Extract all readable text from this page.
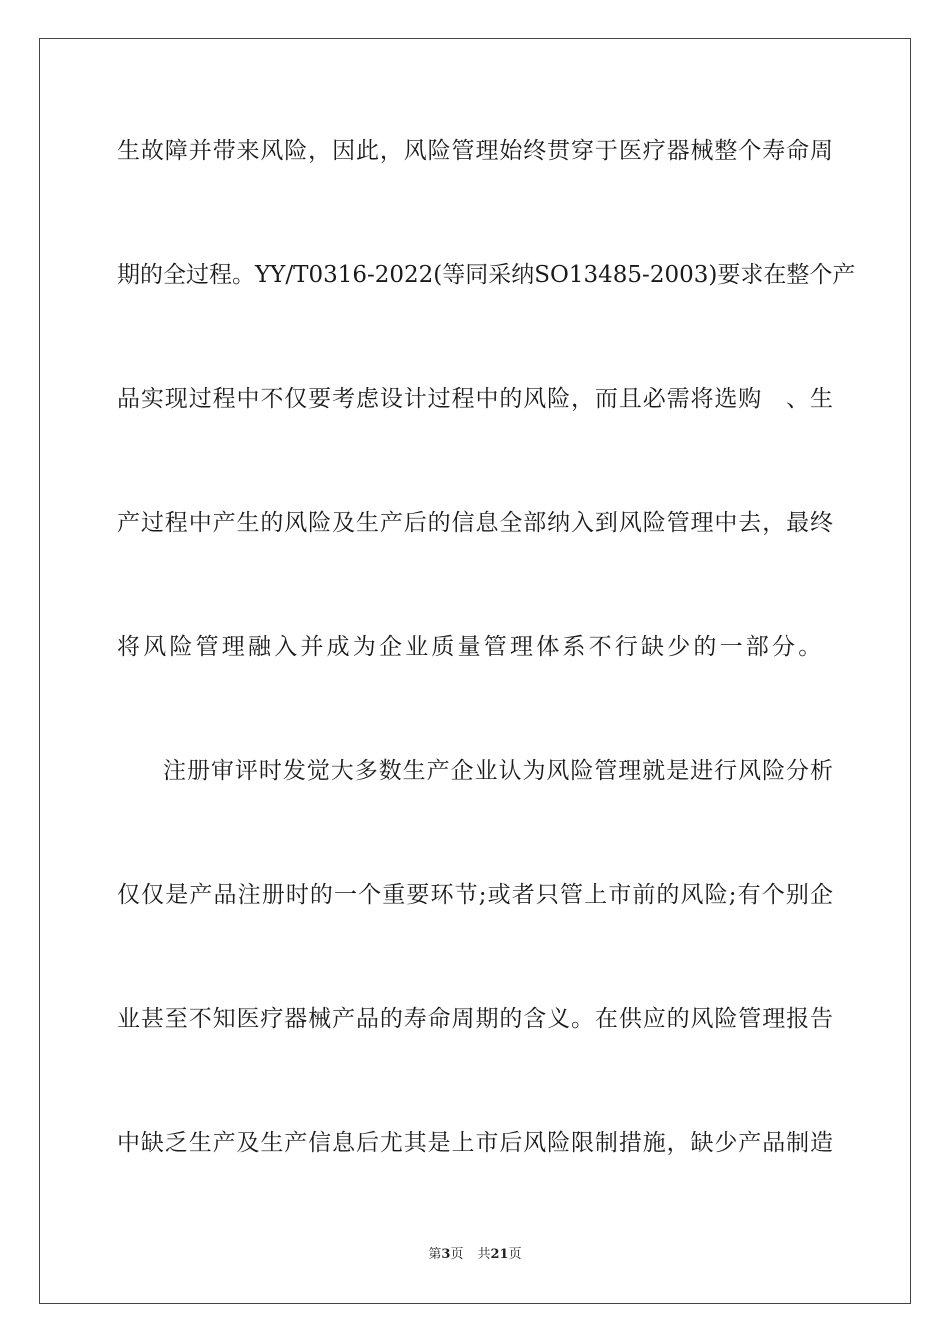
生故障并带来风险，因此，风险管理始终贯穿于医疗器械整个寿命周
期的全过程。YY/T0316-2022(等同采纳SO13485-2003)要求在整个产
品实现过程中不仅要考虑设计过程中的风险，而且必需将选购　、生
产过程中产生的风险及生产后的信息全部纳入到风险管理中去，最终
将风险管理融入并成为企业质量管理体系不行缺少的一部分。
注册审评时发觉大多数生产企业认为风险管理就是进行风险分析
仅仅是产品注册时的一个重要环节;或者只管上市前的风险;有个别企
业甚至不知医疗器械产品的寿命周期的含义。在供应的风险管理报告
中缺乏生产及生产信息后尤其是上市后风险限制措施，缺少产品制造
第3页 共21页
